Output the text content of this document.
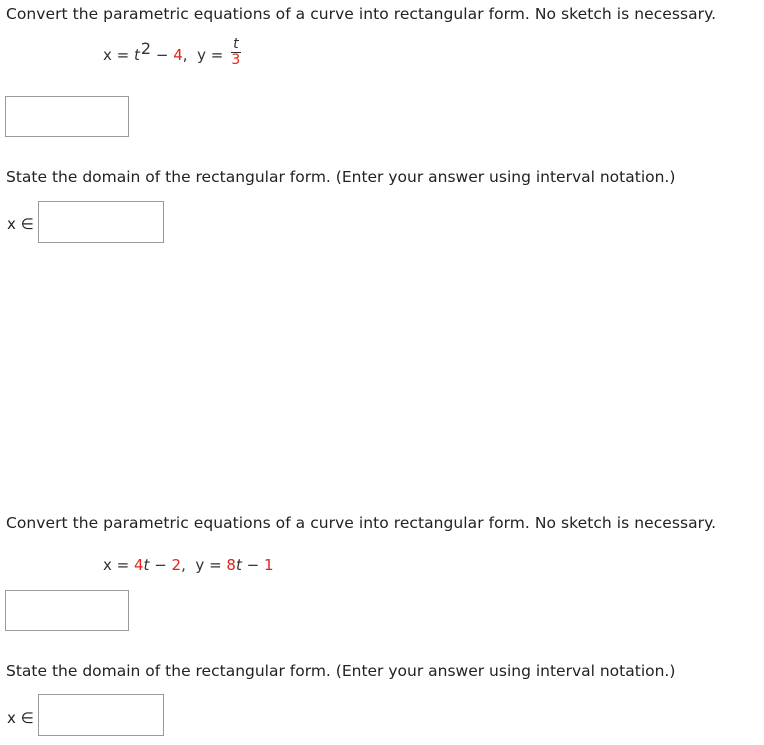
Convert the parametric equations of a curve into rectangular form. No sketch is necessary.
x = t2 − 4, $y = \frac{t}{3}$
State the domain of the rectangular form. (Enter your answer using interval notation.)
x ∈
Convert the parametric equations of a curve into rectangular form. No sketch is necessary.
x = 4t − 2, y = 8t − 1
State the domain of the rectangular form. (Enter your answer using interval notation.)
x ∈
